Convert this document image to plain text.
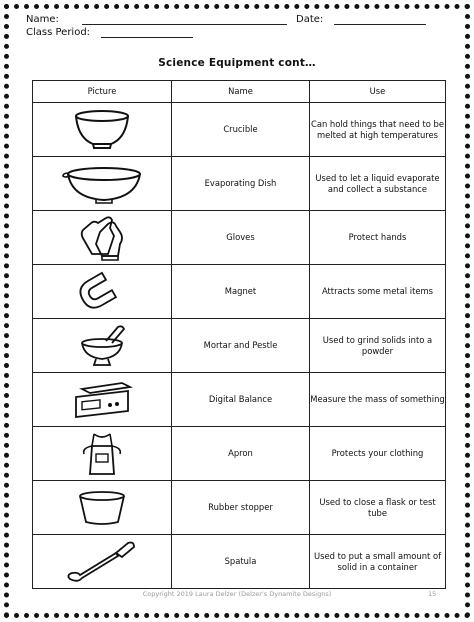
Name:	Date:
Class Period:
Science Equipment cont…
Picture	Name	Use

	Crucible	Can hold things that need to be melted at high temperatures

	Evaporating Dish	Used to let a liquid evaporate and collect a substance

	Gloves	Protect hands

	Magnet	Attracts some metal items

	Mortar and Pestle	Used to grind solids into a powder

	Digital Balance	Measure the mass of something

	Apron	Protects your clothing

	Rubber stopper	Used to close a flask or test tube

	Spatula	Used to put a small amount of solid in a container
Copyright 2019 Laura Delzer (Delzer's Dynamite Designs)	15
